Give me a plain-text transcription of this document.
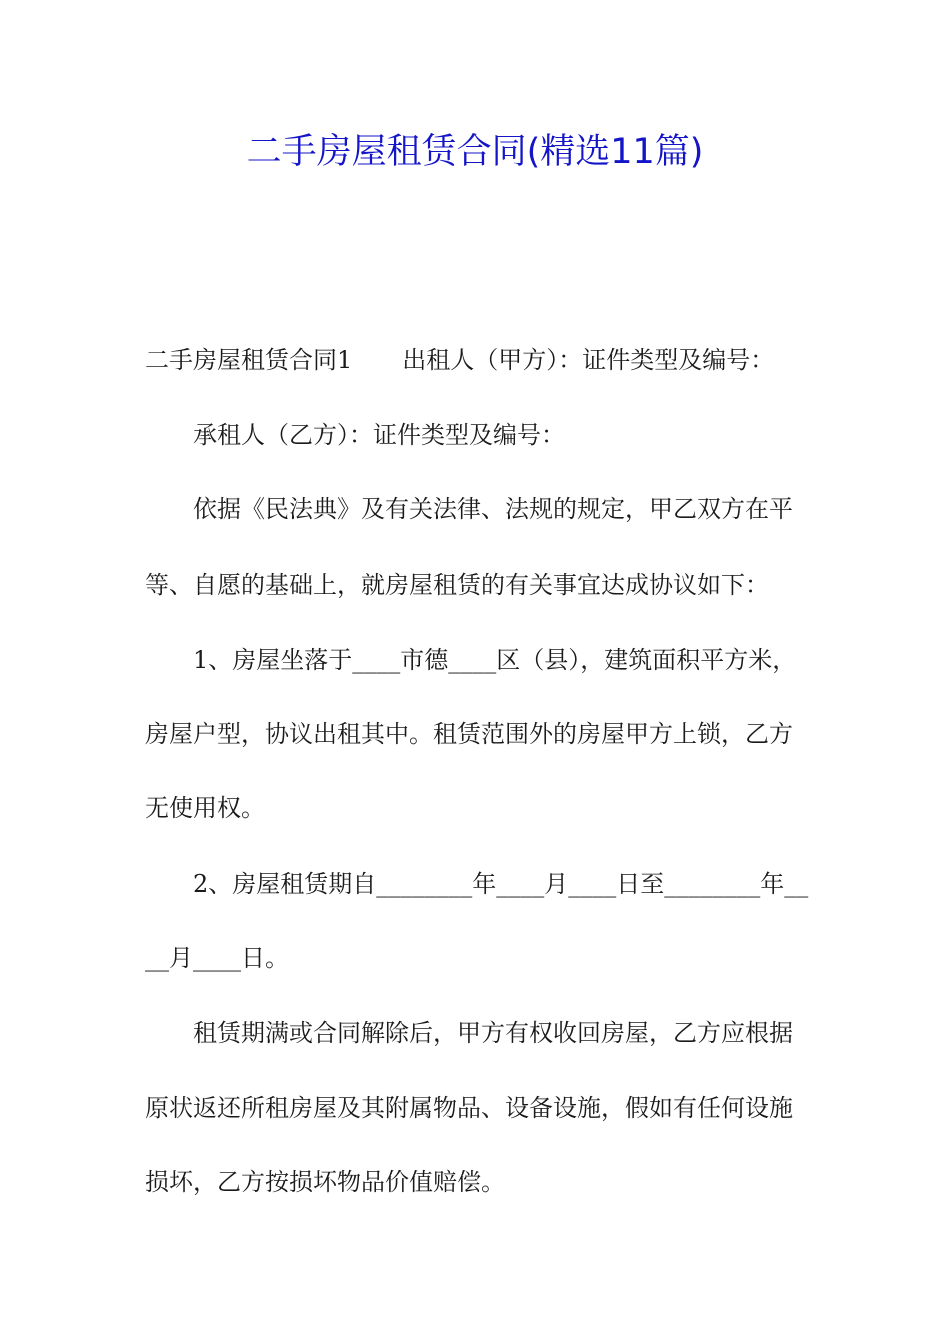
二手房屋租赁合同(精选11篇)
二手房屋租赁合同1 出租人（甲方）：证件类型及编号：
承租人（乙方）：证件类型及编号：
依据《民法典》及有关法律、法规的规定，甲乙双方在平
等、自愿的基础上，就房屋租赁的有关事宜达成协议如下：
1、房屋坐落于____市德____区（县），建筑面积平方米，
房屋户型，协议出租其中。租赁范围外的房屋甲方上锁，乙方
无使用权。
2、房屋租赁期自________年____月____日至________年__
__月____日。
租赁期满或合同解除后，甲方有权收回房屋，乙方应根据
原状返还所租房屋及其附属物品、设备设施，假如有任何设施
损坏，乙方按损坏物品价值赔偿。
